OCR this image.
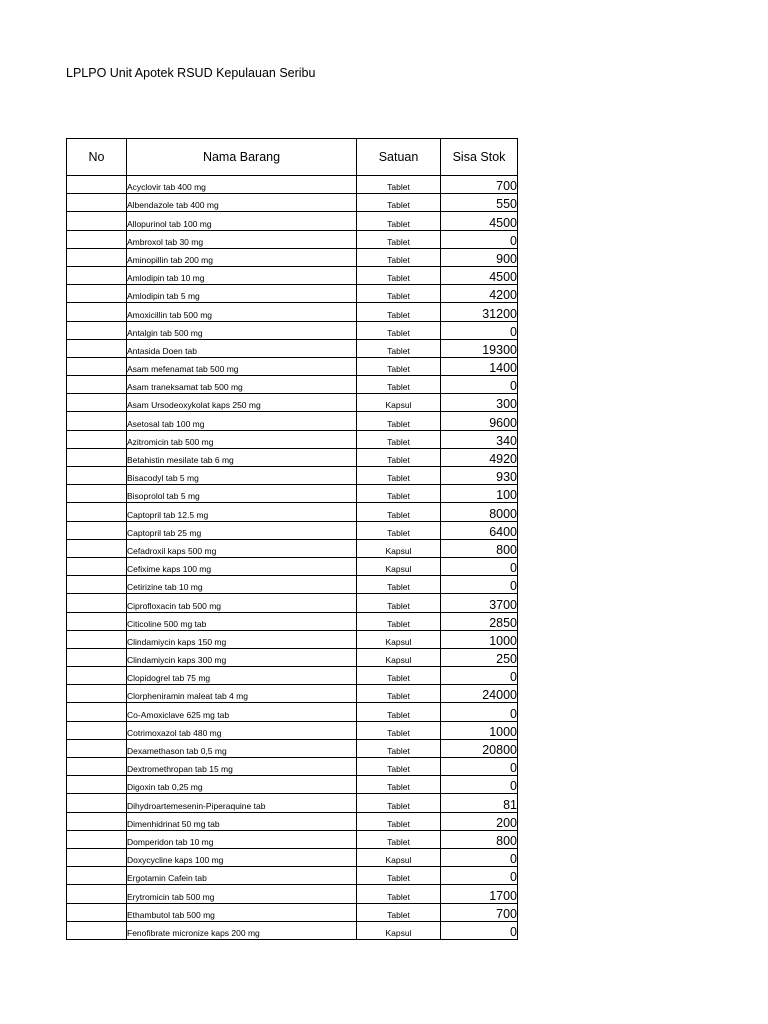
LPLPO Unit Apotek RSUD Kepulauan Seribu
No	Nama Barang	Satuan	Sisa Stok
	Acyclovir tab 400 mg	Tablet	700
	Albendazole tab 400 mg	Tablet	550
	Allopurinol tab 100 mg	Tablet	4500
	Ambroxol tab 30 mg	Tablet	0
	Aminopillin tab 200 mg	Tablet	900
	Amlodipin tab 10 mg	Tablet	4500
	Amlodipin tab 5 mg	Tablet	4200
	Amoxicillin tab 500 mg	Tablet	31200
	Antalgin tab 500 mg	Tablet	0
	Antasida Doen tab	Tablet	19300
	Asam mefenamat tab 500 mg	Tablet	1400
	Asam traneksamat tab 500 mg	Tablet	0
	Asam Ursodeoxykolat kaps 250 mg	Kapsul	300
	Asetosal tab 100 mg	Tablet	9600
	Azitromicin tab 500 mg	Tablet	340
	Betahistin mesilate tab 6 mg	Tablet	4920
	Bisacodyl tab 5 mg	Tablet	930
	Bisoprolol tab 5 mg	Tablet	100
	Captopril tab 12.5 mg	Tablet	8000
	Captopril tab 25 mg	Tablet	6400
	Cefadroxil kaps 500 mg	Kapsul	800
	Cefixime kaps 100 mg	Kapsul	0
	Cetirizine tab 10 mg	Tablet	0
	Ciprofloxacin tab 500 mg	Tablet	3700
	Citicoline 500 mg tab	Tablet	2850
	Clindamiycin kaps 150 mg	Kapsul	1000
	Clindamiycin kaps 300 mg	Kapsul	250
	Clopidogrel tab 75 mg	Tablet	0
	Clorpheniramin maleat tab 4 mg	Tablet	24000
	Co-Amoxiclave 625 mg tab	Tablet	0
	Cotrimoxazol tab 480 mg	Tablet	1000
	Dexamethason tab 0,5 mg	Tablet	20800
	Dextromethropan tab 15 mg	Tablet	0
	Digoxin tab 0,25 mg	Tablet	0
	Dihydroartemesenin-Piperaquine tab	Tablet	81
	Dimenhidrinat 50 mg tab	Tablet	200
	Domperidon tab 10 mg	Tablet	800
	Doxycycline kaps 100 mg	Kapsul	0
	Ergotamin Cafein tab	Tablet	0
	Erytromicin tab 500 mg	Tablet	1700
	Ethambutol tab 500 mg	Tablet	700
	Fenofibrate micronize kaps 200 mg	Kapsul	0
